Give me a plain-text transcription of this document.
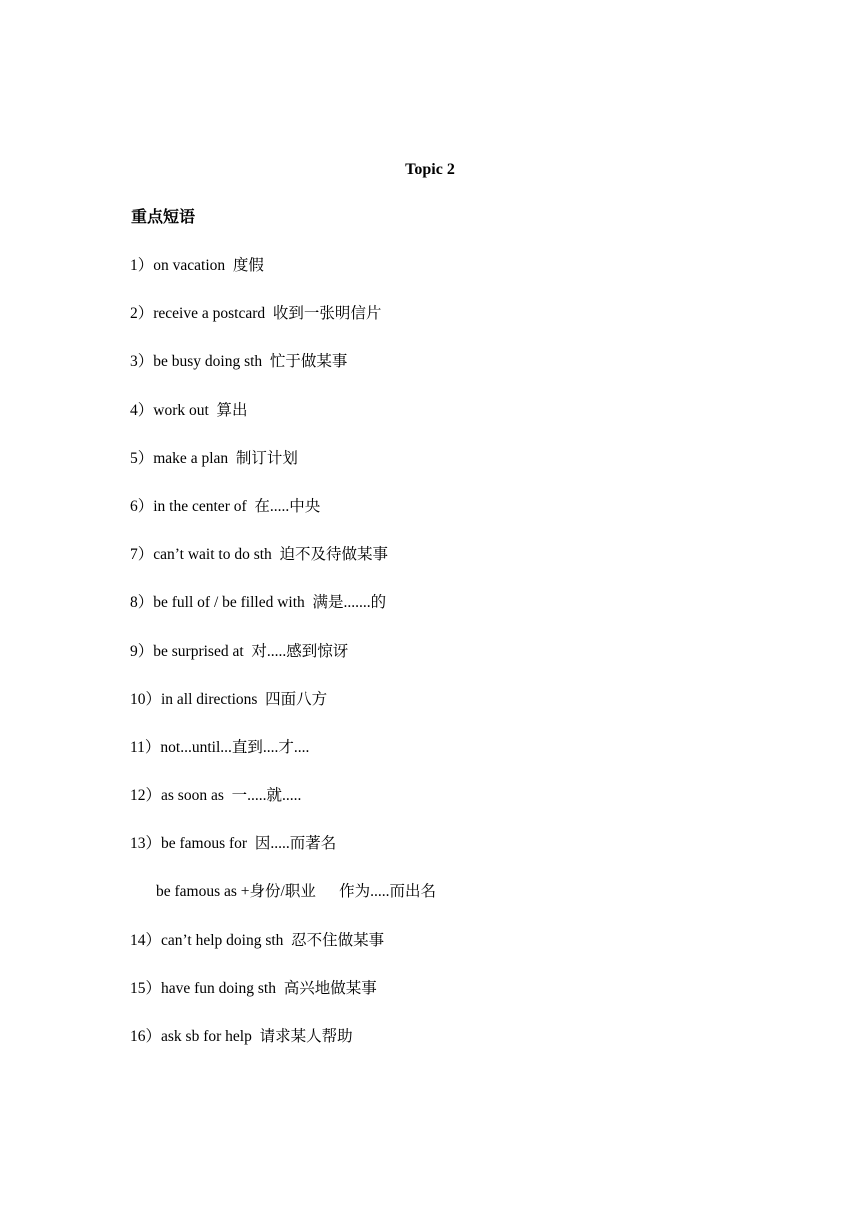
Topic 2
重点短语
1）on vacation  度假
2）receive a postcard  收到一张明信片
3）be busy doing sth  忙于做某事
4）work out  算出
5）make a plan  制订计划
6）in the center of  在.....中央
7）can’t wait to do sth  迫不及待做某事
8）be full of / be filled with  满是.......的
9）be surprised at  对.....感到惊讶
10）in all directions  四面八方
11）not...until...直到....才....
12）as soon as  一.....就.....
13）be famous for  因.....而著名
be famous as +身份/职业      作为.....而出名
14）can’t help doing sth  忍不住做某事
15）have fun doing sth  高兴地做某事
16）ask sb for help  请求某人帮助
